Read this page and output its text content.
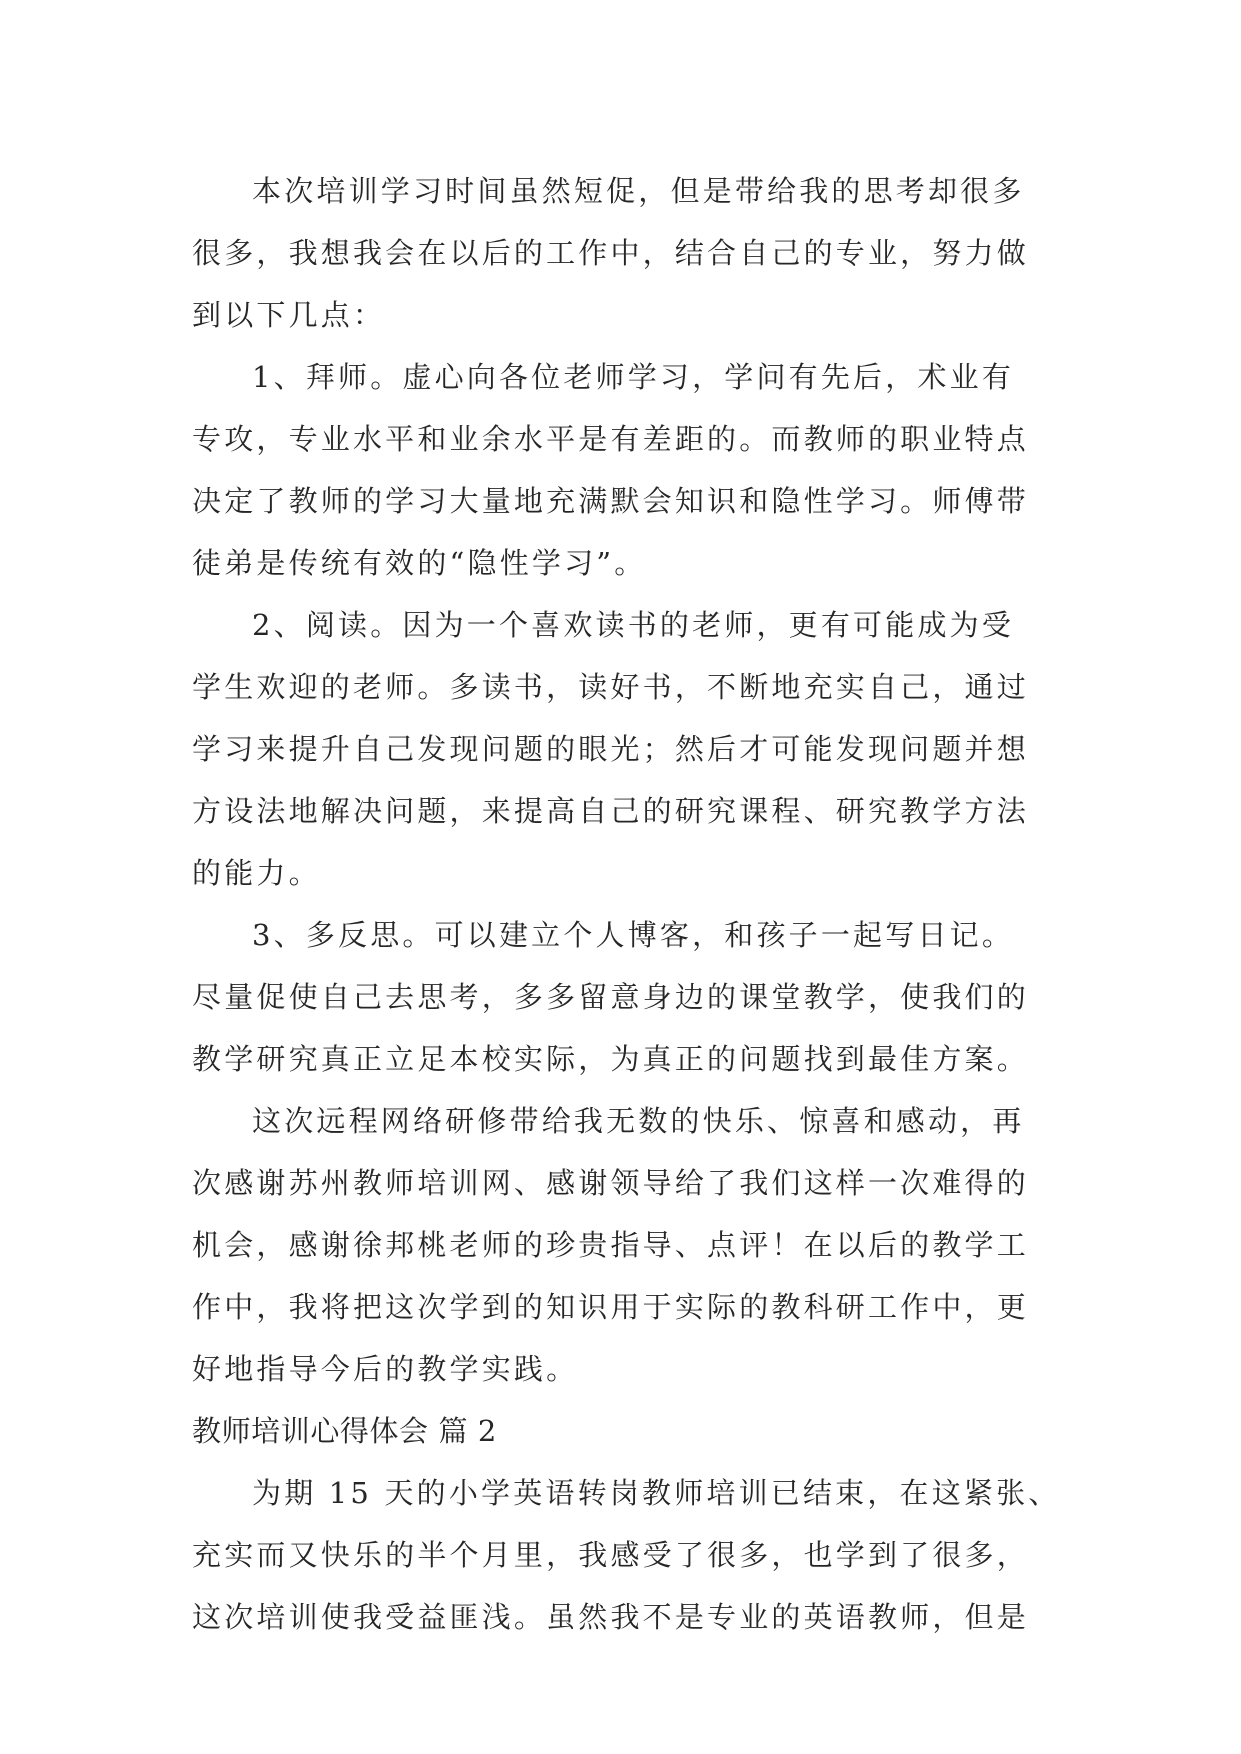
本次培训学习时间虽然短促，但是带给我的思考却很多
很多，我想我会在以后的工作中，结合自己的专业，努力做
到以下几点：
1、拜师。虚心向各位老师学习，学问有先后，术业有
专攻，专业水平和业余水平是有差距的。而教师的职业特点
决定了教师的学习大量地充满默会知识和隐性学习。师傅带
徒弟是传统有效的“隐性学习”。
2、阅读。因为一个喜欢读书的老师，更有可能成为受
学生欢迎的老师。多读书，读好书，不断地充实自己，通过
学习来提升自己发现问题的眼光；然后才可能发现问题并想
方设法地解决问题，来提高自己的研究课程、研究教学方法
的能力。
3、多反思。可以建立个人博客，和孩子一起写日记。
尽量促使自己去思考，多多留意身边的课堂教学，使我们的
教学研究真正立足本校实际，为真正的问题找到最佳方案。
这次远程网络研修带给我无数的快乐、惊喜和感动，再
次感谢苏州教师培训网、感谢领导给了我们这样一次难得的
机会，感谢徐邦桃老师的珍贵指导、点评！在以后的教学工
作中，我将把这次学到的知识用于实际的教科研工作中，更
好地指导今后的教学实践。
教师培训心得体会 篇 2
为期 15 天的小学英语转岗教师培训已结束，在这紧张、
充实而又快乐的半个月里，我感受了很多，也学到了很多，
这次培训使我受益匪浅。虽然我不是专业的英语教师，但是
